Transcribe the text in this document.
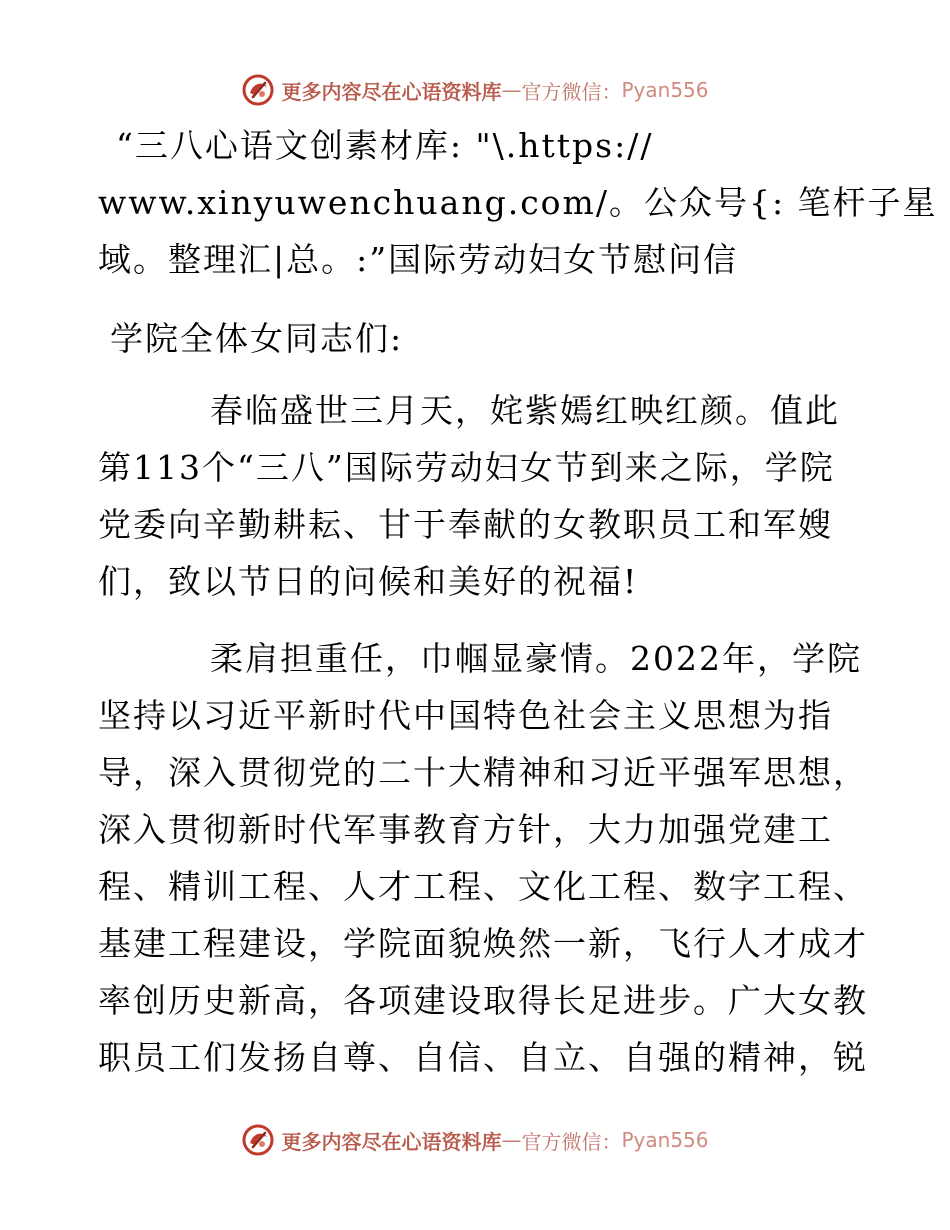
更多内容尽在心语资料库 — 官方微信： Pyan556
“三八心语文创素材库: "\.https://
www.xinyuwenchuang.com/。公众号{: 笔杆子星
域。整理汇|总。:”国际劳动妇女节慰问信
学院全体女同志们:
春临盛世三月天，姹紫嫣红映红颜。值此
第113个“三八”国际劳动妇女节到来之际，学院
党委向辛勤耕耘、甘于奉献的女教职员工和军嫂
们，致以节日的问候和美好的祝福!
柔肩担重任，巾帼显豪情。2022年，学院
坚持以习近平新时代中国特色社会主义思想为指
导，深入贯彻党的二十大精神和习近平强军思想，
深入贯彻新时代军事教育方针，大力加强党建工
程、精训工程、人才工程、文化工程、数字工程、
基建工程建设，学院面貌焕然一新，飞行人才成才
率创历史新高，各项建设取得长足进步。广大女教
职员工们发扬自尊、自信、自立、自强的精神，锐
更多内容尽在心语资料库 — 官方微信： Pyan556
